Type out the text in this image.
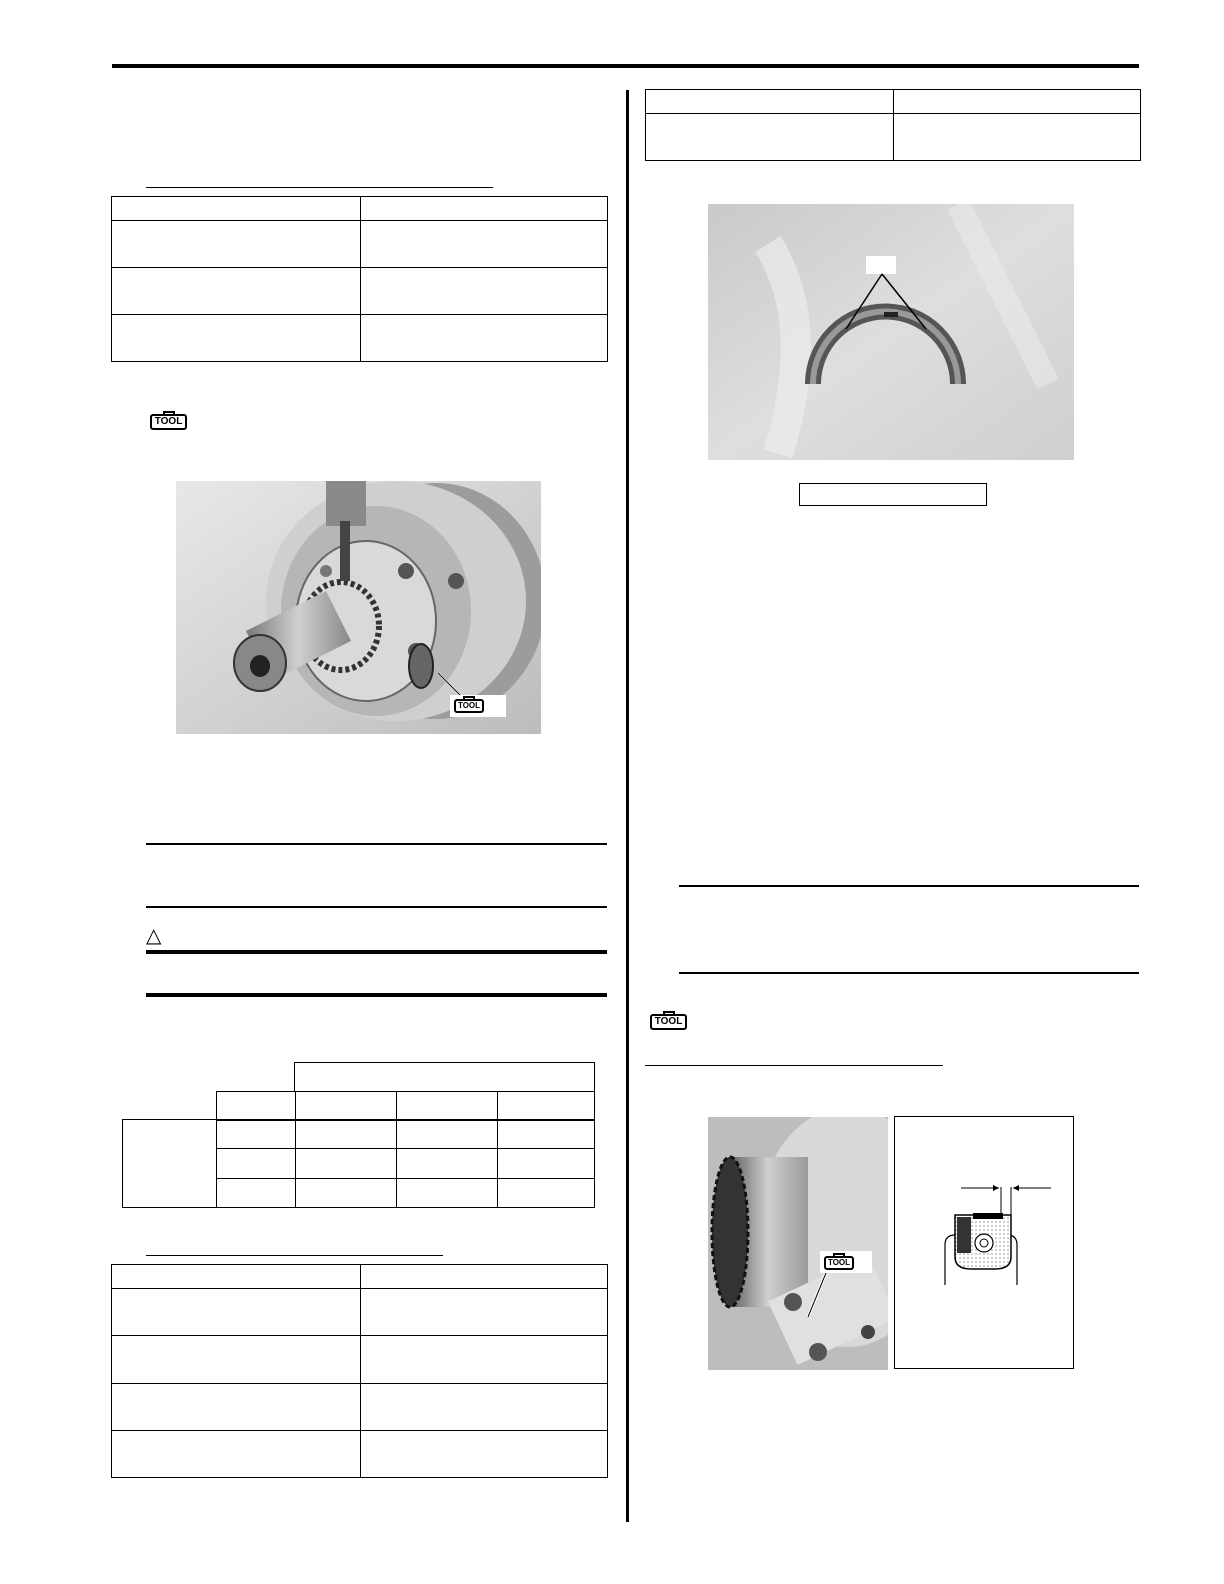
TOOL
TOOL
△

TOOL
TOOL
